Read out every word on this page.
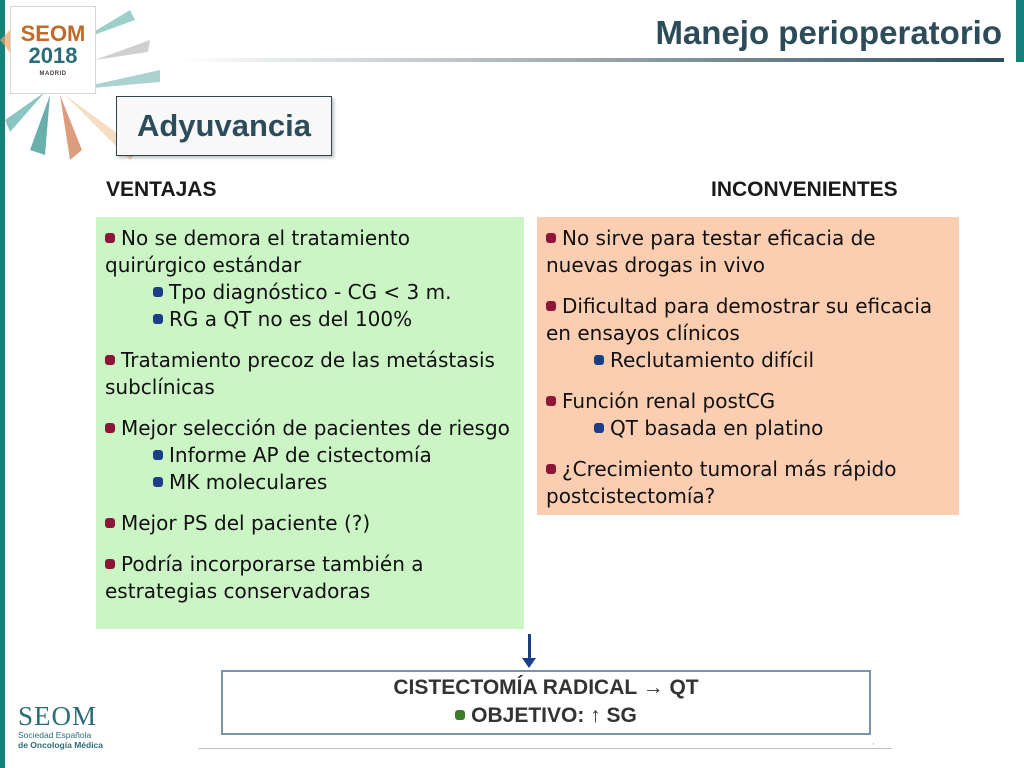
SEOM
2018
MADRID
Manejo perioperatorio
Adyuvancia
VENTAJAS	INCONVENIENTES
No se demora el tratamiento quirúrgico estándar
Tpo diagnóstico - CG < 3 m.
RG a QT no es del 100%
Tratamiento precoz de las metástasis subclínicas
Mejor selección de pacientes de riesgo
Informe AP de cistectomía
MK moleculares
Mejor PS del paciente (?)
Podría incorporarse también a estrategias conservadoras
No sirve para testar eficacia de nuevas drogas in vivo
Dificultad para demostrar su eficacia en ensayos clínicos
Reclutamiento difícil
Función renal postCG
QT basada en platino
¿Crecimiento tumoral más rápido postcistectomía?
CISTECTOMÍA RADICAL → QT
OBJETIVO: ↑ SG
·
SEOM
Sociedad Española
de Oncología Médica
